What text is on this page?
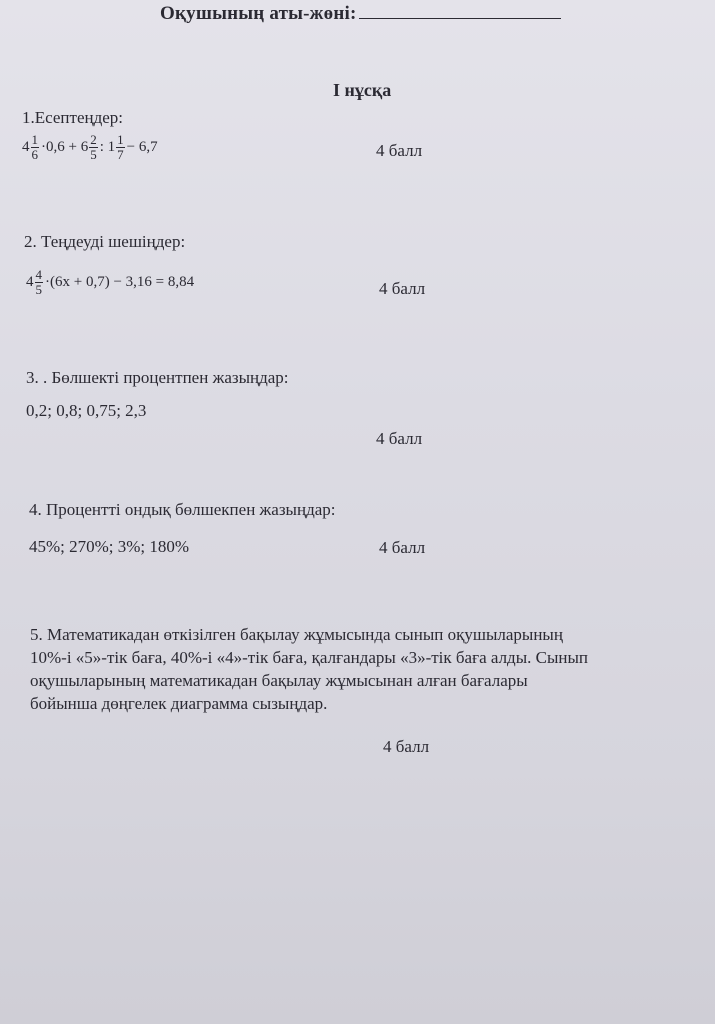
Оқушының аты-жөні:
I нұсқа
1.Есептеңдер:
$4 \frac{1}{6} \cdot 0,6 + 6 \frac{2}{5}$ : $1 \frac{1}{7} - 6,7$	4 балл
2. Теңдеуді шешіңдер:
$4 \frac{4}{5} \cdot(6x + 0,7) - 3,16 = 8,84$	4 балл
3. . Бөлшекті процентпен жазыңдар:
0,2; 0,8; 0,75; 2,3
4 балл
4. Процентті ондық бөлшекпен жазыңдар:
45%; 270%; 3%; 180%	4 балл
5. Математикадан өткізілген бақылау жұмысында сынып оқушыларының
10%-і «5»-тік баға, 40%-і «4»-тік баға, қалғандары «3»-тік баға алды. Сынып
оқушыларының математикадан бақылау жұмысынан алған бағалары
бойынша дөңгелек диаграмма сызыңдар.
4 балл
